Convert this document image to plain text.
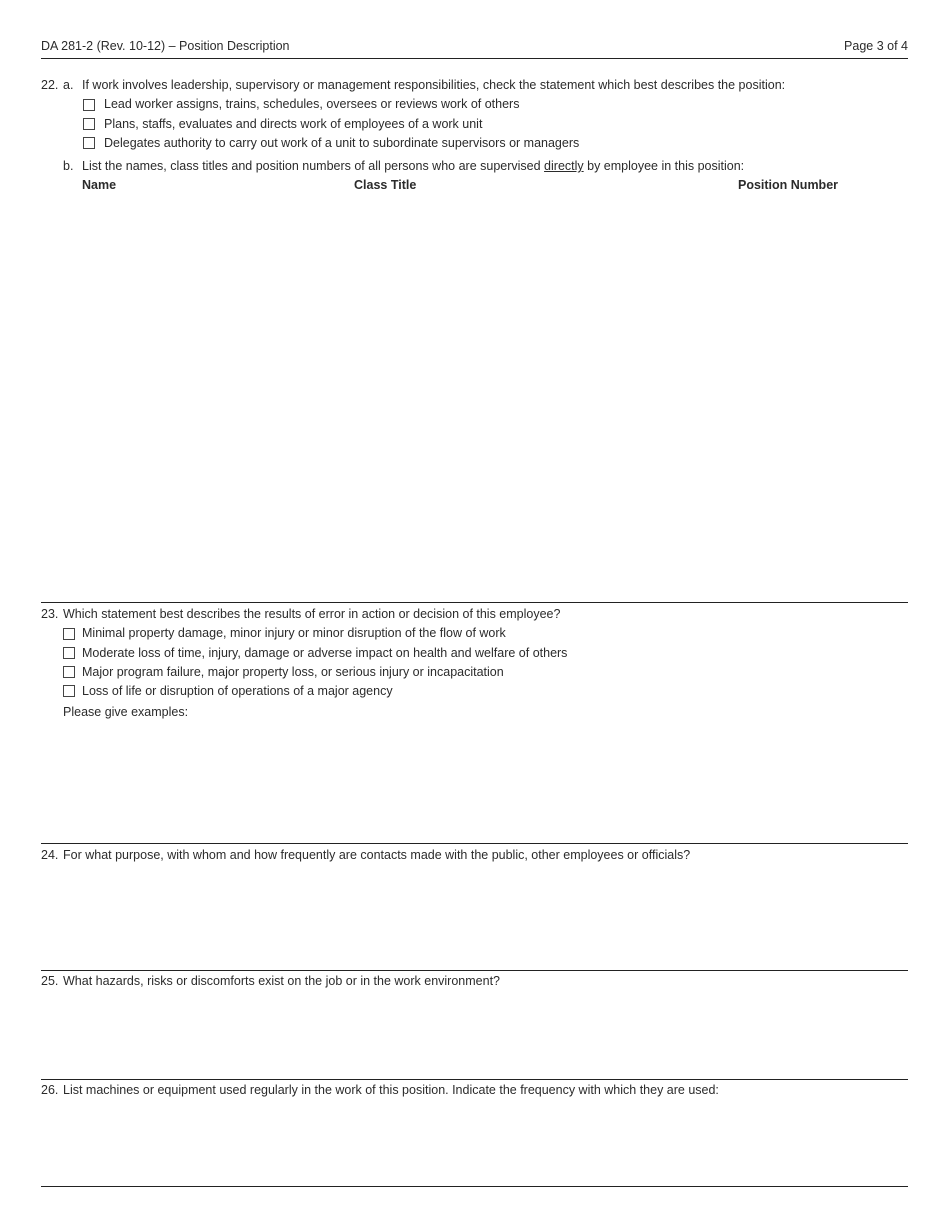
DA 281-2 (Rev. 10-12) – Position Description	Page 3 of 4
22. a. If work involves leadership, supervisory or management responsibilities, check the statement which best describes the position:
Lead worker assigns, trains, schedules, oversees or reviews work of others
Plans, staffs, evaluates and directs work of employees of a work unit
Delegates authority to carry out work of a unit to subordinate supervisors or managers
b. List the names, class titles and position numbers of all persons who are supervised directly by employee in this position:
Name	Class Title	Position Number
23. Which statement best describes the results of error in action or decision of this employee?
Minimal property damage, minor injury or minor disruption of the flow of work
Moderate loss of time, injury, damage or adverse impact on health and welfare of others
Major program failure, major property loss, or serious injury or incapacitation
Loss of life or disruption of operations of a major agency
Please give examples:
24. For what purpose, with whom and how frequently are contacts made with the public, other employees or officials?
25. What hazards, risks or discomforts exist on the job or in the work environment?
26. List machines or equipment used regularly in the work of this position. Indicate the frequency with which they are used:
